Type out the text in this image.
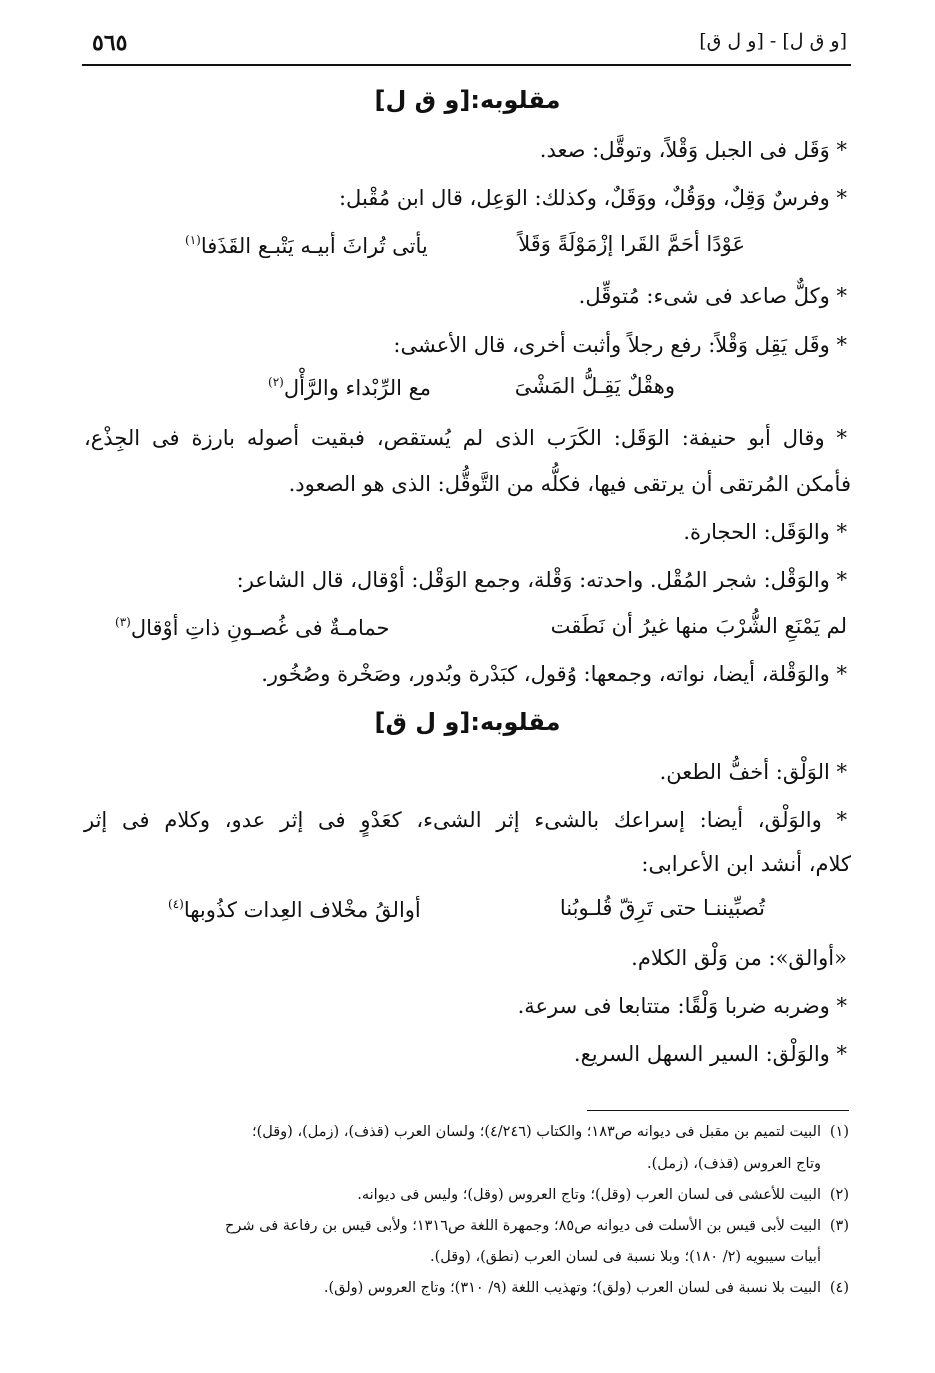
[و ق ل] - [و ل ق]
٥٦٥
مقلوبه:[و ق ل]
* وَقَل فى الجبل وَقْلاً، وتوقَّل: صعد.
* وفرسٌ وَقِلٌ، ووَقُلٌ، ووَقَلٌ، وكذلك: الوَعِل، قال ابن مُقْبل:
عَوْدًا أحَمَّ القَرا إزْمَوْلَةً وَقَلاً
يأتى تُراثَ أبيـه يَتْبـع القَذَفا$^{(١)}$
* وكلٌّ صاعد فى شىء: مُتوقِّل.
* وقَل يَقِل وَقْلاً: رفع رجلاً وأثبت أخرى، قال الأعشى:
وهقْلٌ يَقِـلُّ المَشْىَ
مع الرِّبْداء والرَّأْل$^{(٢)}$
* وقال أبو حنيفة: الوَقَل: الكَرَب الذى لم يُستقص، فبقيت أصوله بارزة فى الجِذْع،
فأمكن المُرتقى أن يرتقى فيها، فكلُّه من التَّوقُّل: الذى هو الصعود.
* والوَقَل: الحجارة.
* والوَقْل: شجر المُقْل. واحدته: وَقْلة، وجمع الوَقْل: أوْقال، قال الشاعر:
لم يَمْنَعِ الشُّرْبَ منها غيرُ أن نَطَقت
حمامـةٌ فى غُصـونِ ذاتِ أوْقال$^{(٣)}$
* والوَقْلة، أيضا، نواته، وجمعها: وُقول، كبَدْرة وبُدور، وصَخْرة وصُخُور.
مقلوبه:[و ل ق]
* الوَلْق: أخفُّ الطعن.
* والوَلْق، أيضا: إسراعك بالشىء إثر الشىء، كعَدْوٍ فى إثر عدو، وكلام فى إثر
كلام، أنشد ابن الأعرابى:
تُصبِّيننـا حتى تَرِقّ قُلـوبُنا
أوالقُ مخْلاف العِدات كذُوبها$^{(٤)}$
«أوالق»: من وَلْق الكلام.
* وضربه ضربا وَلْقًا: متتابعا فى سرعة.
* والوَلْق: السير السهل السريع.
(١)البيت لتميم بن مقبل فى ديوانه ص١٨٣؛ والكتاب (٤/٢٤٦)؛ ولسان العرب (قذف)، (زمل)، (وقل)؛
وتاج العروس (قذف)، (زمل).
(٢)البيت للأعشى فى لسان العرب (وقل)؛ وتاج العروس (وقل)؛ وليس فى ديوانه.
(٣)البيت لأبى قيس بن الأسلت فى ديوانه ص٨٥؛ وجمهرة اللغة ص١٣١٦؛ ولأبى قيس بن رفاعة فى شرح
أبيات سيبويه (٢/ ١٨٠)؛ وبلا نسبة فى لسان العرب (نطق)، (وقل).
(٤)البيت بلا نسبة فى لسان العرب (ولق)؛ وتهذيب اللغة (٩/ ٣١٠)؛ وتاج العروس (ولق).
